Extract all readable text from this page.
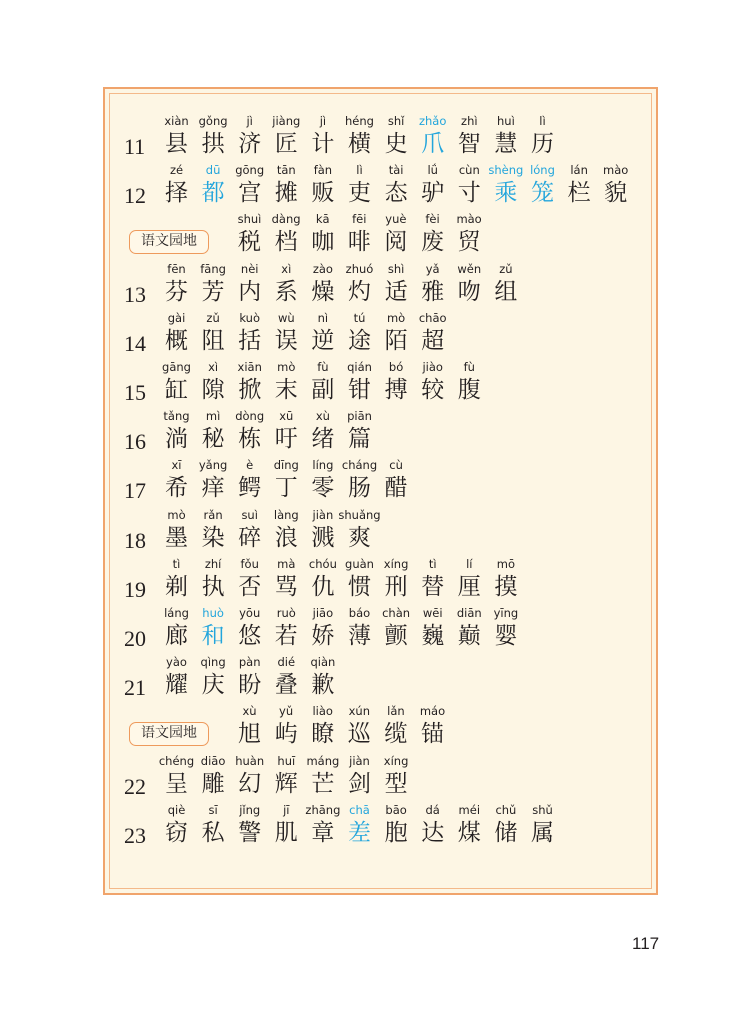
11
xiàn
县
gǒng
拱
jì
济
jiàng
匠
jì
计
héng
横
shǐ
史
zhǎo
爪
zhì
智
huì
慧
lì
历
12
zé
择
dū
都
gōng
宫
tān
摊
fàn
贩
lì
吏
tài
态
lǘ
驴
cùn
寸
shèng
乘
lóng
笼
lán
栏
mào
貌
语文园地
shuì
税
dàng
档
kā
咖
fēi
啡
yuè
阅
fèi
废
mào
贸
13
fēn
芬
fāng
芳
nèi
内
xì
系
zào
燥
zhuó
灼
shì
适
yǎ
雅
wěn
吻
zǔ
组
14
gài
概
zǔ
阻
kuò
括
wù
误
nì
逆
tú
途
mò
陌
chāo
超
15
gāng
缸
xì
隙
xiān
掀
mò
末
fù
副
qián
钳
bó
搏
jiào
较
fù
腹
16
tǎng
淌
mì
秘
dòng
栋
xū
吁
xù
绪
piān
篇
17
xī
希
yǎng
痒
è
鳄
dīng
丁
líng
零
cháng
肠
cù
醋
18
mò
墨
rǎn
染
suì
碎
làng
浪
jiàn
溅
shuǎng
爽
19
tì
剃
zhí
执
fǒu
否
mà
骂
chóu
仇
guàn
惯
xíng
刑
tì
替
lí
厘
mō
摸
20
láng
廊
huò
和
yōu
悠
ruò
若
jiāo
娇
báo
薄
chàn
颤
wēi
巍
diān
巅
yīng
婴
21
yào
耀
qìng
庆
pàn
盼
dié
叠
qiàn
歉
语文园地
xù
旭
yǔ
屿
liào
瞭
xún
巡
lǎn
缆
máo
锚
22
chéng
呈
diāo
雕
huàn
幻
huī
辉
máng
芒
jiàn
剑
xíng
型
23
qiè
窃
sī
私
jǐng
警
jī
肌
zhāng
章
chā
差
bāo
胞
dá
达
méi
煤
chǔ
储
shǔ
属
117
